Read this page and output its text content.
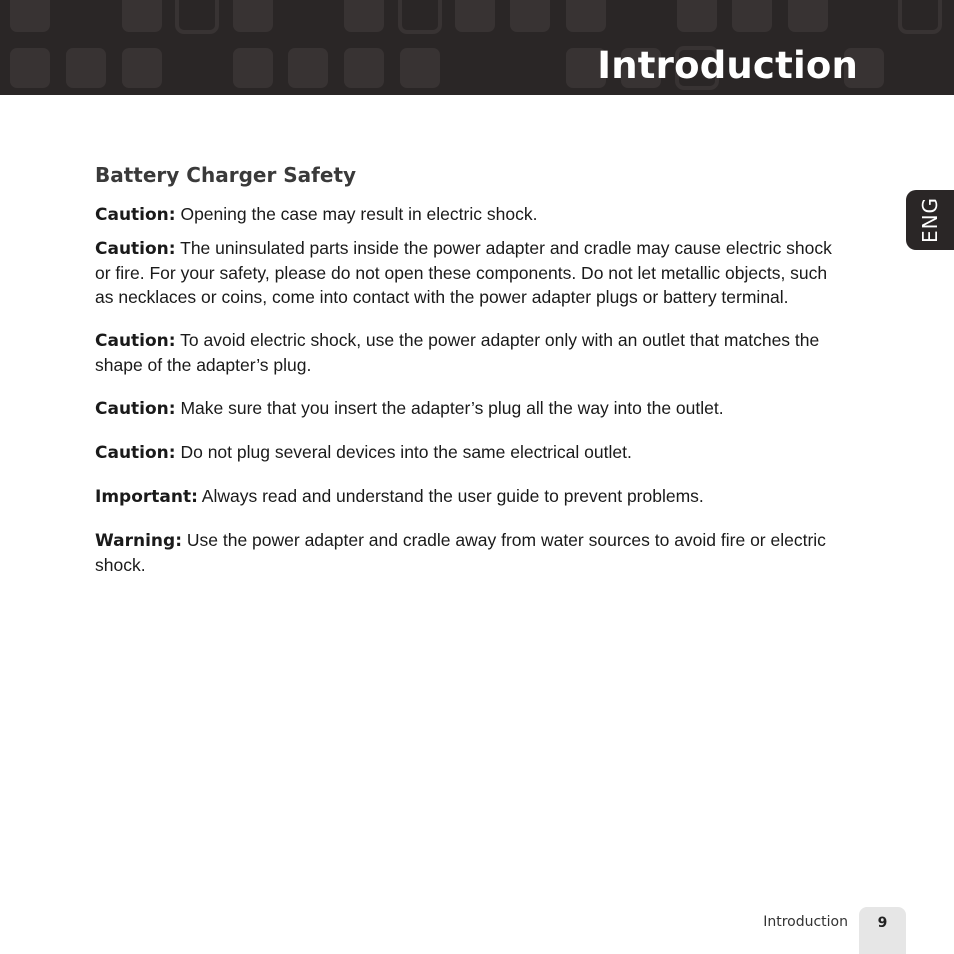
Introduction
ENG
Battery Charger Safety

Caution: Opening the case may result in electric shock.

Caution: The uninsulated parts inside the power adapter and cradle may cause electric shock or fire. For your safety, please do not open these components. Do not let metallic objects, such as necklaces or coins, come into contact with the power adapter plugs or battery terminal.

Caution: To avoid electric shock, use the power adapter only with an outlet that matches the shape of the adapter’s plug.

Caution: Make sure that you insert the adapter’s plug all the way into the outlet.

Caution: Do not plug several devices into the same electrical outlet.

Important: Always read and understand the user guide to prevent problems.

Warning: Use the power adapter and cradle away from water sources to avoid fire or electric shock.

Introduction	9
